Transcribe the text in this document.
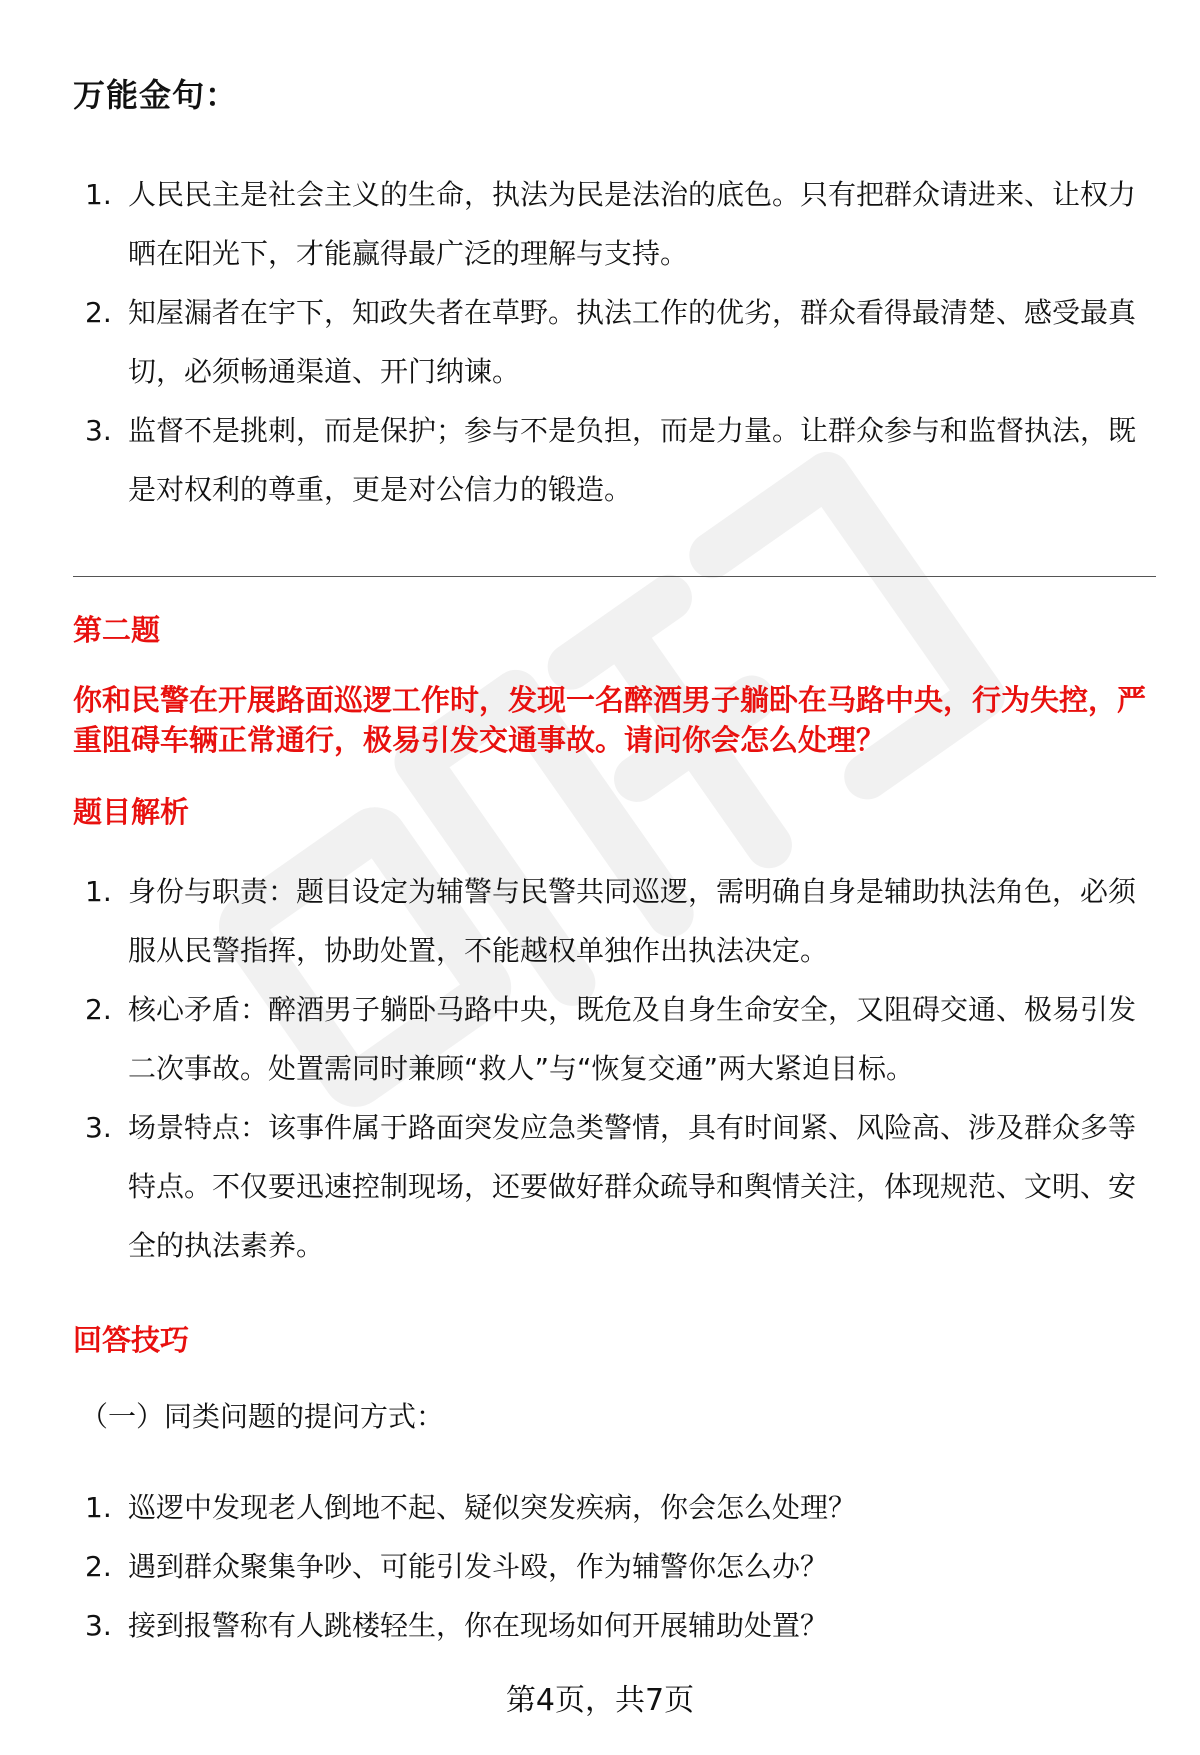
万能金句：
1. 人民民主是社会主义的生命，执法为民是法治的底色。只有把群众请进来、让权力晒在阳光下，才能赢得最广泛的理解与支持。
2. 知屋漏者在宇下，知政失者在草野。执法工作的优劣，群众看得最清楚、感受最真切，必须畅通渠道、开门纳谏。
3. 监督不是挑刺，而是保护；参与不是负担，而是力量。让群众参与和监督执法，既是对权利的尊重，更是对公信力的锻造。
第二题
你和民警在开展路面巡逻工作时，发现一名醉酒男子躺卧在马路中央，行为失控，严重阻碍车辆正常通行，极易引发交通事故。请问你会怎么处理？
题目解析
1. 身份与职责：题目设定为辅警与民警共同巡逻，需明确自身是辅助执法角色，必须服从民警指挥，协助处置，不能越权单独作出执法决定。
2. 核心矛盾：醉酒男子躺卧马路中央，既危及自身生命安全，又阻碍交通、极易引发二次事故。处置需同时兼顾“救人”与“恢复交通”两大紧迫目标。
3. 场景特点：该事件属于路面突发应急类警情，具有时间紧、风险高、涉及群众多等特点。不仅要迅速控制现场，还要做好群众疏导和舆情关注，体现规范、文明、安全的执法素养。
回答技巧
（一）同类问题的提问方式：
1. 巡逻中发现老人倒地不起、疑似突发疾病，你会怎么处理？
2. 遇到群众聚集争吵、可能引发斗殴，作为辅警你怎么办？
3. 接到报警称有人跳楼轻生，你在现场如何开展辅助处置？
第4页，共7页
